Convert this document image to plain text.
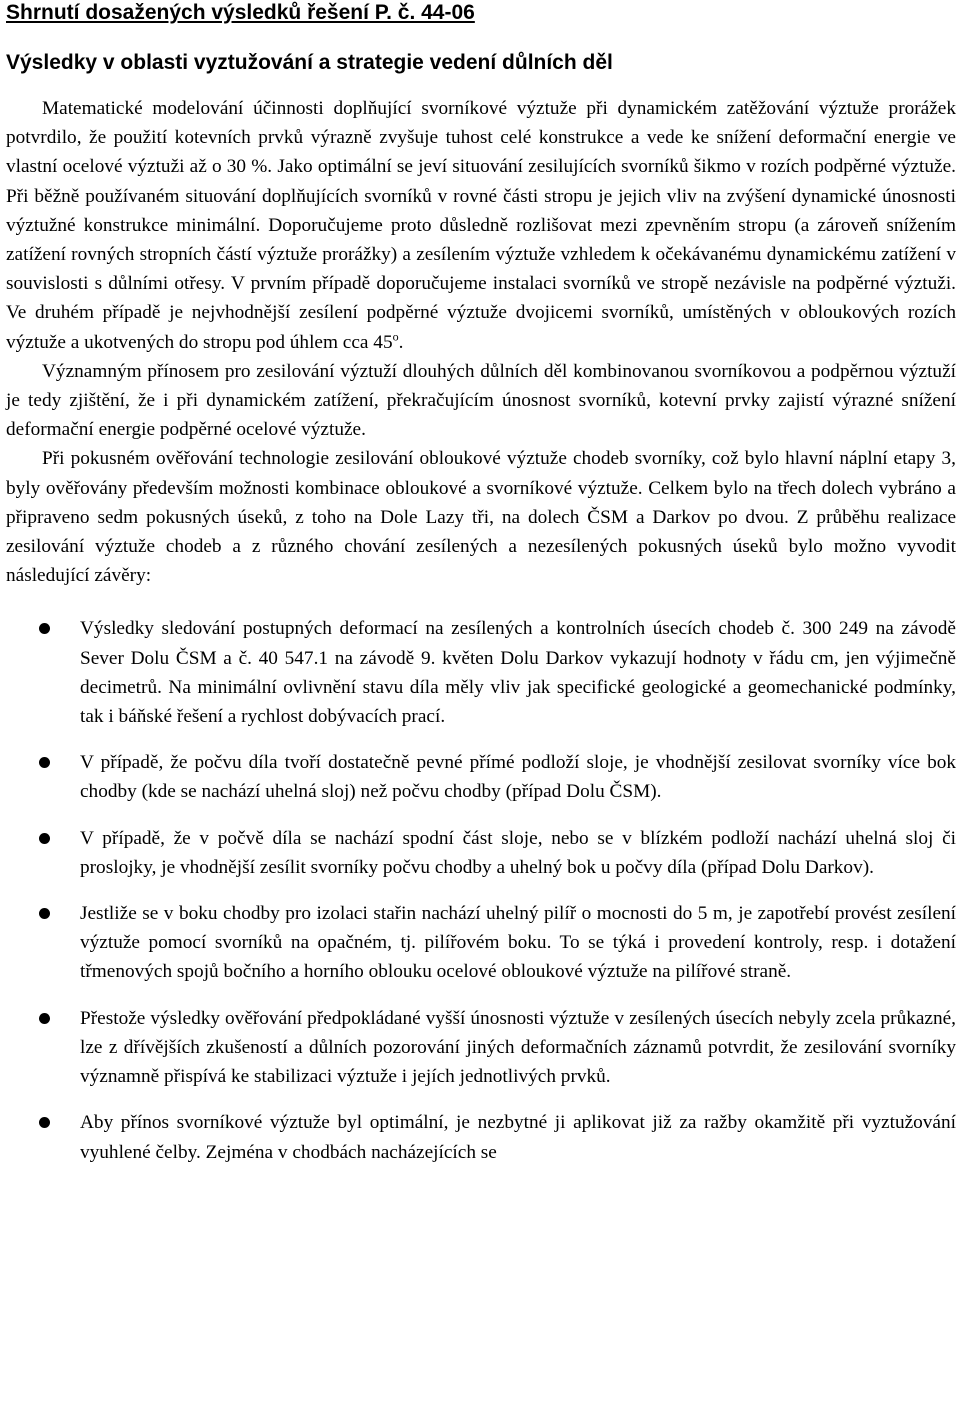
Shrnutí dosažených výsledků řešení P. č. 44-06
Výsledky v oblasti vyztužování a strategie vedení důlních děl

Matematické modelování účinnosti doplňující svorníkové výztuže při dynamickém zatěžování výztuže prorážek potvrdilo, že použití kotevních prvků výrazně zvyšuje tuhost celé konstrukce a vede ke snížení deformační energie ve vlastní ocelové výztuži až o 30 %. Jako optimální se jeví situování zesilujících svorníků šikmo v rozích podpěrné výztuže. Při běžně používaném situování doplňujících svorníků v rovné části stropu je jejich vliv na zvýšení dynamické únosnosti výztužné konstrukce minimální. Doporučujeme proto důsledně rozlišovat mezi zpevněním stropu (a zároveň snížením zatížení rovných stropních částí výztuže prorážky) a zesílením výztuže vzhledem k očekávanému dynamickému zatížení v souvislosti s důlními otřesy. V prvním případě doporučujeme instalaci svorníků ve stropě nezávisle na podpěrné výztuži. Ve druhém případě je nejvhodnější zesílení podpěrné výztuže dvojicemi svorníků, umístěných v obloukových rozích výztuže a ukotvených do stropu pod úhlem cca 45$^o$.

Významným přínosem pro zesilování výztuží dlouhých důlních děl kombinovanou svorníkovou a podpěrnou výztuží je tedy zjištění, že i při dynamickém zatížení, překračujícím únosnost svorníků, kotevní prvky zajistí výrazné snížení deformační energie podpěrné ocelové výztuže.

Při pokusném ověřování technologie zesilování obloukové výztuže chodeb svorníky, což bylo hlavní náplní etapy 3, byly ověřovány především možnosti kombinace obloukové a svorníkové výztuže. Celkem bylo na třech dolech vybráno a připraveno sedm pokusných úseků, z toho na Dole Lazy tři, na dolech ČSM a Darkov po dvou. Z průběhu realizace zesilování výztuže chodeb a z různého chování zesílených a nezesílených pokusných úseků bylo možno vyvodit následující závěry:

Výsledky sledování postupných deformací na zesílených a kontrolních úsecích chodeb č. 300 249 na závodě Sever Dolu ČSM a č. 40 547.1 na závodě 9. květen Dolu Darkov vykazují hodnoty v řádu cm, jen výjimečně decimetrů. Na minimální ovlivnění stavu díla měly vliv jak specifické geologické a geomechanické podmínky, tak i báňské řešení a rychlost dobývacích prací.
V případě, že počvu díla tvoří dostatečně pevné přímé podloží sloje, je vhodnější zesilovat svorníky více bok chodby (kde se nachází uhelná sloj) než počvu chodby (případ Dolu ČSM).
V případě, že v počvě díla se nachází spodní část sloje, nebo se v blízkém podloží nachází uhelná sloj či proslojky, je vhodnější zesílit svorníky počvu chodby a uhelný bok u počvy díla (případ Dolu Darkov).
Jestliže se v boku chodby pro izolaci stařin nachází uhelný pilíř o mocnosti do 5 m, je zapotřebí provést zesílení výztuže pomocí svorníků na opačném, tj. pilířovém boku. To se týká i provedení kontroly, resp. i dotažení třmenových spojů bočního a horního oblouku ocelové obloukové výztuže na pilířové straně.
Přestože výsledky ověřování předpokládané vyšší únosnosti výztuže v zesílených úsecích nebyly zcela průkazné, lze z dřívějších zkušeností a důlních pozorování jiných deformačních záznamů potvrdit, že zesilování svorníky významně přispívá ke stabilizaci výztuže i jejích jednotlivých prvků.
Aby přínos svorníkové výztuže byl optimální, je nezbytné ji aplikovat již za ražby okamžitě při vyztužování vyuhlené čelby. Zejména v chodbách nacházejících se
